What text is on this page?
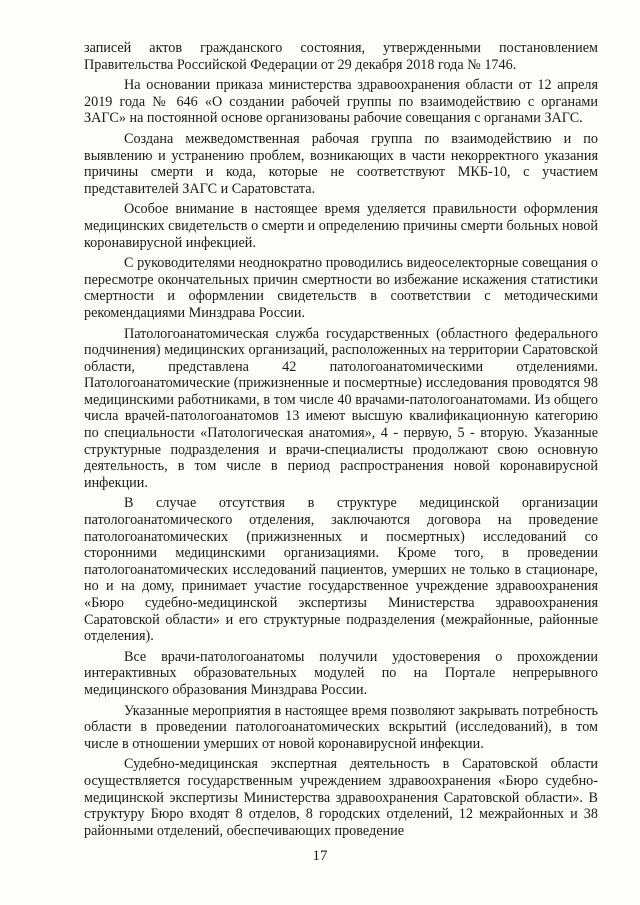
записей актов гражданского состояния, утвержденными постановлением Правительства Российской Федерации от 29 декабря 2018 года № 1746.

На основании приказа министерства здравоохранения области от 12 апреля 2019 года № 646 «О создании рабочей группы по взаимодействию с органами ЗАГС» на постоянной основе организованы рабочие совещания с органами ЗАГС.

Создана межведомственная рабочая группа по взаимодействию и по выявлению и устранению проблем, возникающих в части некорректного указания причины смерти и кода, которые не соответствуют МКБ-10, с участием представителей ЗАГС и Саратовстата.

Особое внимание в настоящее время уделяется правильности оформления медицинских свидетельств о смерти и определению причины смерти больных новой коронавирусной инфекцией.

С руководителями неоднократно проводились видеоселекторные совещания о пересмотре окончательных причин смертности во избежание искажения статистики смертности и оформлении свидетельств в соответствии с методическими рекомендациями Минздрава России.

Патологоанатомическая служба государственных (областного федерального подчинения) медицинских организаций, расположенных на территории Саратовской области, представлена 42 патологоанатомическими отделениями. Патологоанатомические (прижизненные и посмертные) исследования проводятся 98 медицинскими работниками, в том числе 40 врачами-патологоанатомами. Из общего числа врачей-патологоанатомов 13 имеют высшую квалификационную категорию по специальности «Патологическая анатомия», 4 - первую, 5 - вторую. Указанные структурные подразделения и врачи-специалисты продолжают свою основную деятельность, в том числе в период распространения новой коронавирусной инфекции.

В случае отсутствия в структуре медицинской организации патологоанатомического отделения, заключаются договора на проведение патологоанатомических (прижизненных и посмертных) исследований со сторонними медицинскими организациями. Кроме того, в проведении патологоанатомических исследований пациентов, умерших не только в стационаре, но и на дому, принимает участие государственное учреждение здравоохранения «Бюро судебно-медицинской экспертизы Министерства здравоохранения Саратовской области» и его структурные подразделения (межрайонные, районные отделения).

Все врачи-патологоанатомы получили удостоверения о прохождении интерактивных образовательных модулей по на Портале непрерывного медицинского образования Минздрава России.

Указанные мероприятия в настоящее время позволяют закрывать потребность области в проведении патологоанатомических вскрытий (исследований), в том числе в отношении умерших от новой коронавирусной инфекции.

Судебно-медицинская экспертная деятельность в Саратовской области осуществляется государственным учреждением здравоохранения «Бюро судебно-медицинской экспертизы Министерства здравоохранения Саратовской области». В структуру Бюро входят 8 отделов, 8 городских отделений, 12 межрайонных и 38 районными отделений, обеспечивающих проведение

17
